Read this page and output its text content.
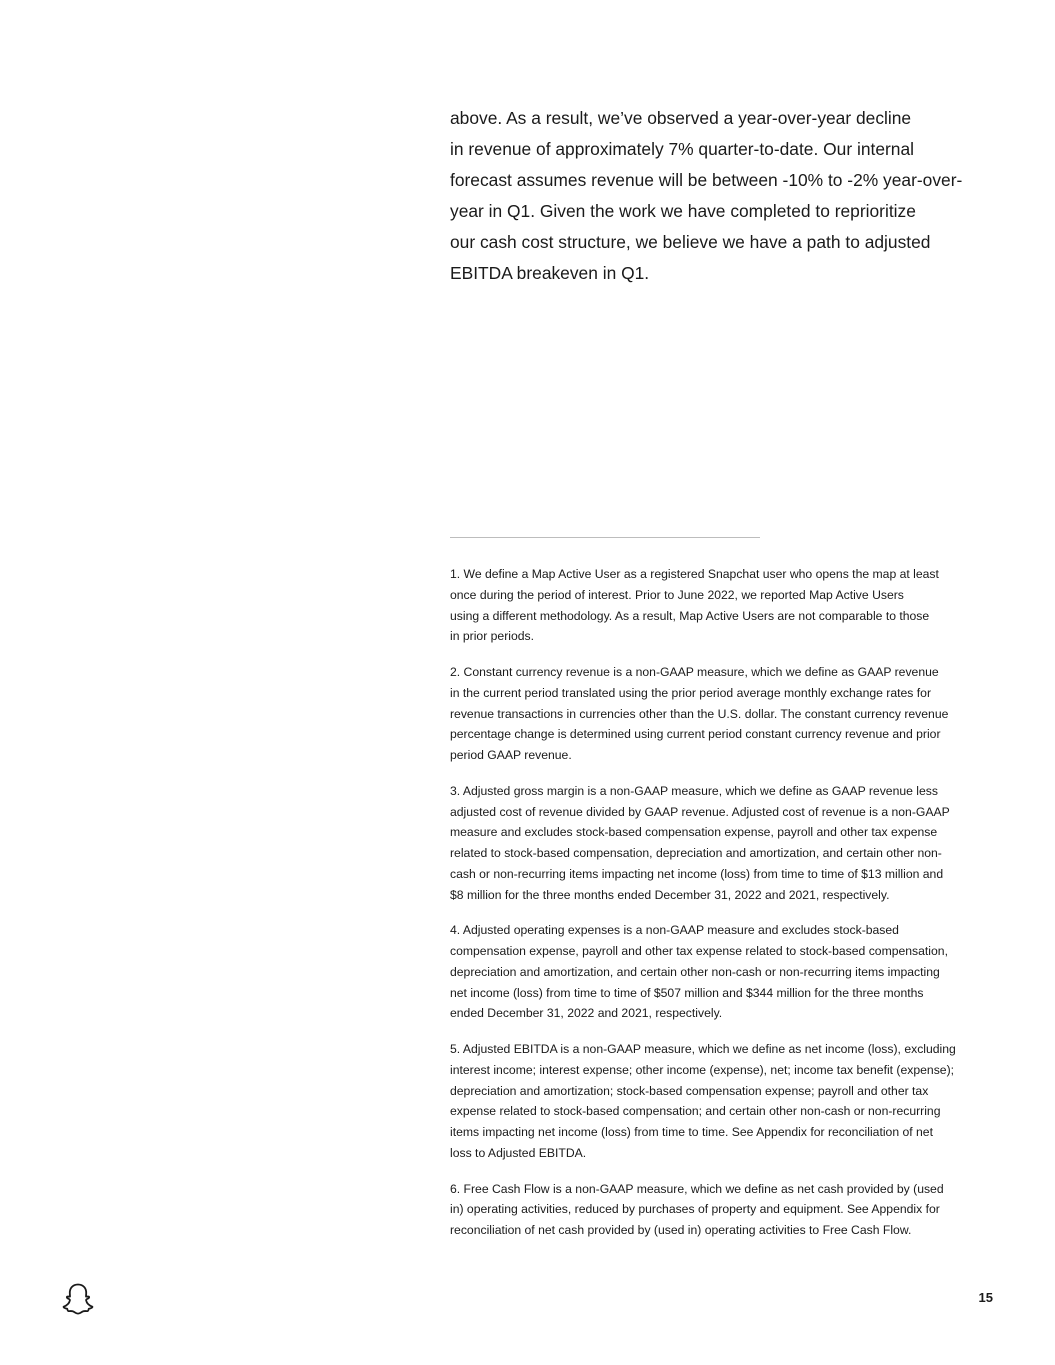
above. As a result, we’ve observed a year-over-year decline
in revenue of approximately 7% quarter-to-date. Our internal
forecast assumes revenue will be between -10% to -2% year-over-
year in Q1. Given the work we have completed to reprioritize
our cash cost structure, we believe we have a path to adjusted
EBITDA breakeven in Q1.
1. We define a Map Active User as a registered Snapchat user who opens the map at least
once during the period of interest. Prior to June 2022, we reported Map Active Users
using a different methodology. As a result, Map Active Users are not comparable to those
in prior periods.
2. Constant currency revenue is a non-GAAP measure, which we define as GAAP revenue
in the current period translated using the prior period average monthly exchange rates for
revenue transactions in currencies other than the U.S. dollar. The constant currency revenue
percentage change is determined using current period constant currency revenue and prior
period GAAP revenue.
3. Adjusted gross margin is a non-GAAP measure, which we define as GAAP revenue less
adjusted cost of revenue divided by GAAP revenue. Adjusted cost of revenue is a non-GAAP
measure and excludes stock-based compensation expense, payroll and other tax expense
related to stock-based compensation, depreciation and amortization, and certain other non-
cash or non-recurring items impacting net income (loss) from time to time of $13 million and
$8 million for the three months ended December 31, 2022 and 2021, respectively.
4. Adjusted operating expenses is a non-GAAP measure and excludes stock-based
compensation expense, payroll and other tax expense related to stock-based compensation,
depreciation and amortization, and certain other non-cash or non-recurring items impacting
net income (loss) from time to time of $507 million and $344 million for the three months
ended December 31, 2022 and 2021, respectively.
5. Adjusted EBITDA is a non-GAAP measure, which we define as net income (loss), excluding
interest income; interest expense; other income (expense), net; income tax benefit (expense);
depreciation and amortization; stock-based compensation expense; payroll and other tax
expense related to stock-based compensation; and certain other non-cash or non-recurring
items impacting net income (loss) from time to time. See Appendix for reconciliation of net
loss to Adjusted EBITDA.
6. Free Cash Flow is a non-GAAP measure, which we define as net cash provided by (used
in) operating activities, reduced by purchases of property and equipment. See Appendix for
reconciliation of net cash provided by (used in) operating activities to Free Cash Flow.
15
